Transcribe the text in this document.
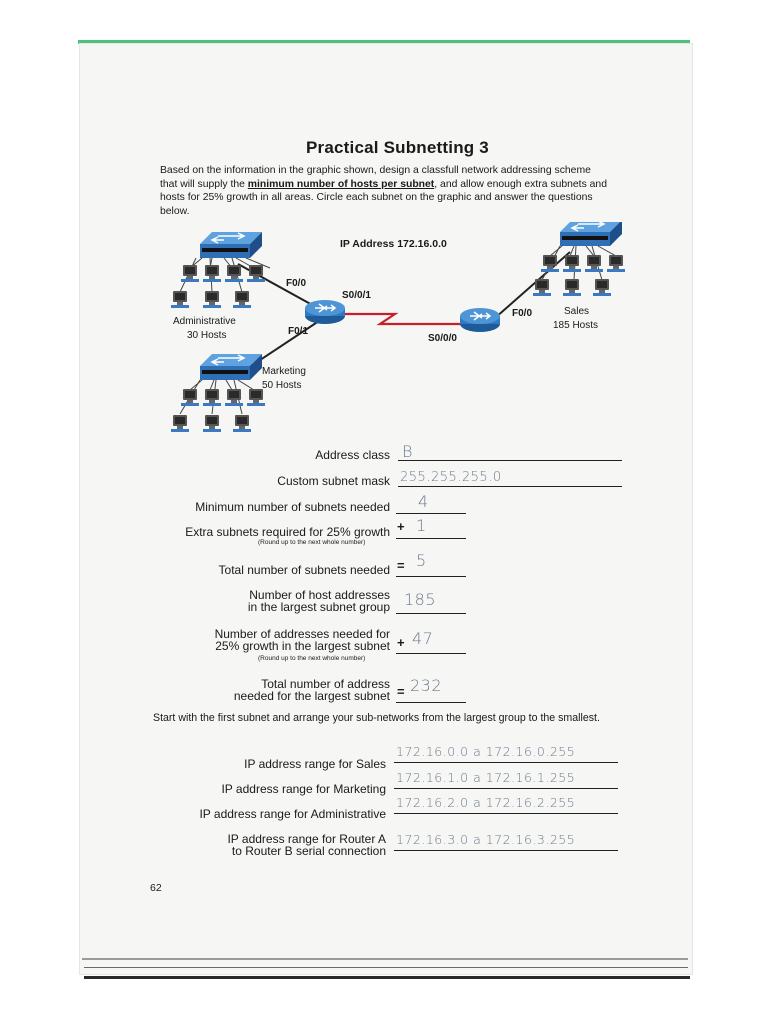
Practical Subnetting 3
Based on the information in the graphic shown, design a classfull network addressing scheme that will supply the minimum number of hosts per subnet, and allow enough extra subnets and hosts for 25% growth in all areas. Circle each subnet on the graphic and answer the questions below.
IP Address 172.16.0.0
F0/0
S0/0/1
F0/1
S0/0/0
F0/0
Administrative
30 Hosts
Marketing
50 Hosts
Sales
185 Hosts
Address class B
Custom subnet mask 255.255.255.0
Minimum number of subnets needed 4
Extra subnets required for 25% growth
(Round up to the next whole number)
+ 1
Total number of subnets needed = 5
Number of host addresses
in the largest subnet group 185
Number of addresses needed for
25% growth in the largest subnet
(Round up to the next whole number)
+ 47
Total number of address
needed for the largest subnet = 232
Start with the first subnet and arrange your sub-networks from the largest group to the smallest.
IP address range for Sales
172.16.0.0 a 172.16.0.255
IP address range for Marketing
172.16.1.0 a 172.16.1.255
IP address range for Administrative
172.16.2.0 a 172.16.2.255
IP address range for Router A
to Router B serial connection
172.16.3.0 a 172.16.3.255
62
